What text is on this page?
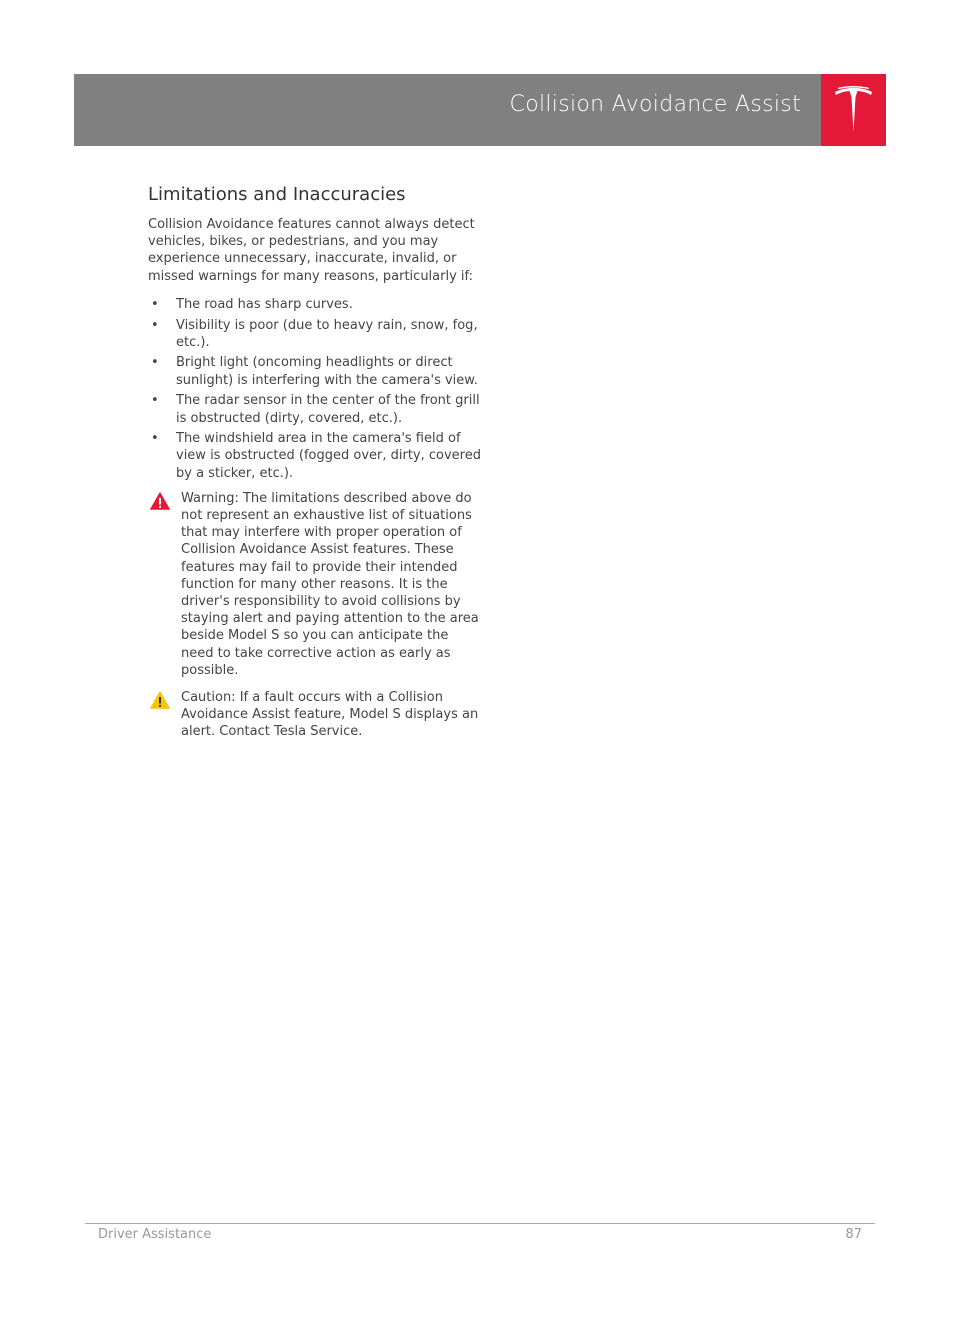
Collision Avoidance Assist
Limitations and Inaccuracies

Collision Avoidance features cannot always detect vehicles, bikes, or pedestrians, and you may experience unnecessary, inaccurate, invalid, or missed warnings for many reasons, particularly if:

• The road has sharp curves.
• Visibility is poor (due to heavy rain, snow, fog, etc.).
• Bright light (oncoming headlights or direct sunlight) is interfering with the camera's view.
• The radar sensor in the center of the front grill is obstructed (dirty, covered, etc.).
• The windshield area in the camera's field of view is obstructed (fogged over, dirty, covered by a sticker, etc.).
Warning: The limitations described above do not represent an exhaustive list of situations that may interfere with proper operation of Collision Avoidance Assist features. These features may fail to provide their intended function for many other reasons. It is the driver's responsibility to avoid collisions by staying alert and paying attention to the area beside Model S so you can anticipate the need to take corrective action as early as possible.
Caution: If a fault occurs with a Collision Avoidance Assist feature, Model S displays an alert. Contact Tesla Service.
Driver Assistance	87
